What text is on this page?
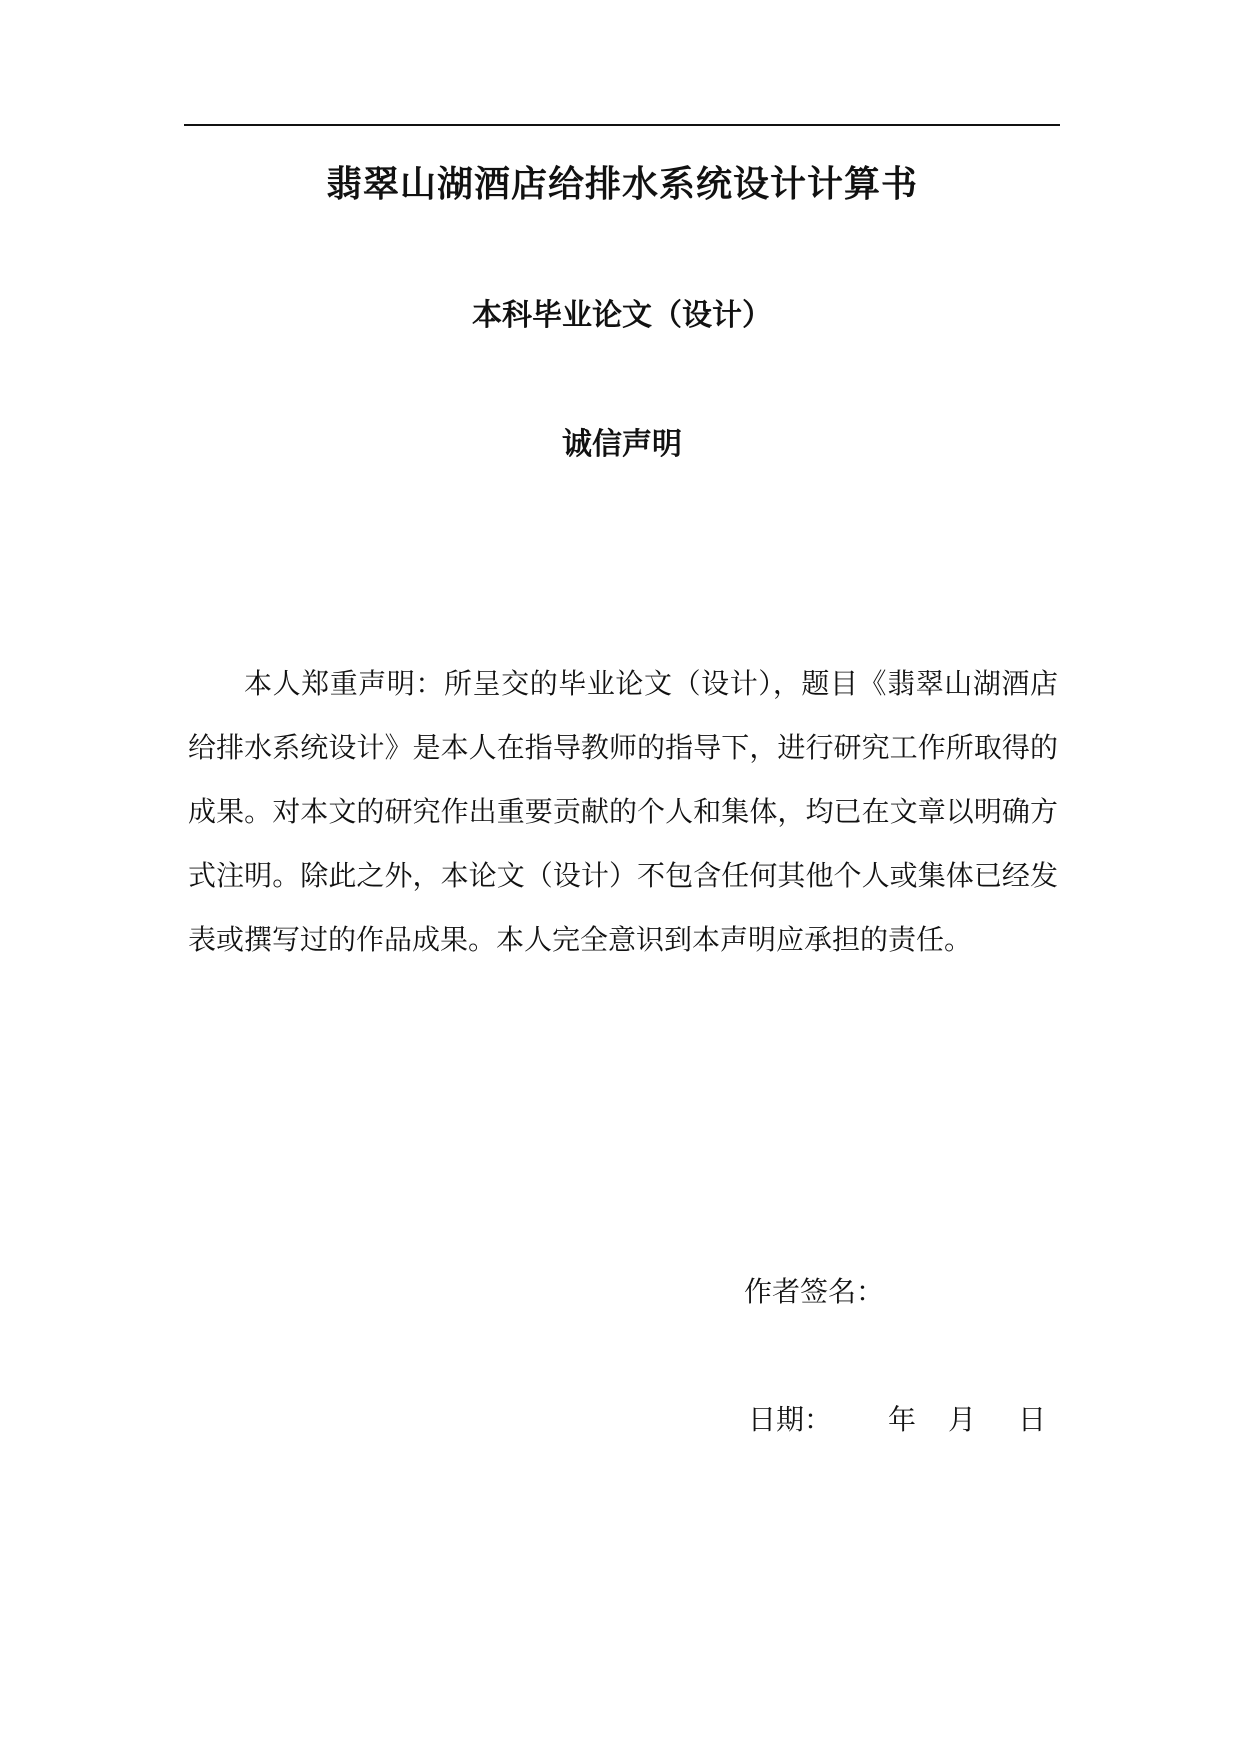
翡翠山湖酒店给排水系统设计计算书
本科毕业论文（设计）
诚信声明

本人郑重声明：所呈交的毕业论文（设计），题目《翡翠山湖酒店给排水系统设计》是本人在指导教师的指导下，进行研究工作所取得的成果。对本文的研究作出重要贡献的个人和集体，均已在文章以明确方式注明。除此之外，本论文（设计）不包含任何其他个人或集体已经发表或撰写过的作品成果。本人完全意识到本声明应承担的责任。

作者签名：
日期： 年 月 日
